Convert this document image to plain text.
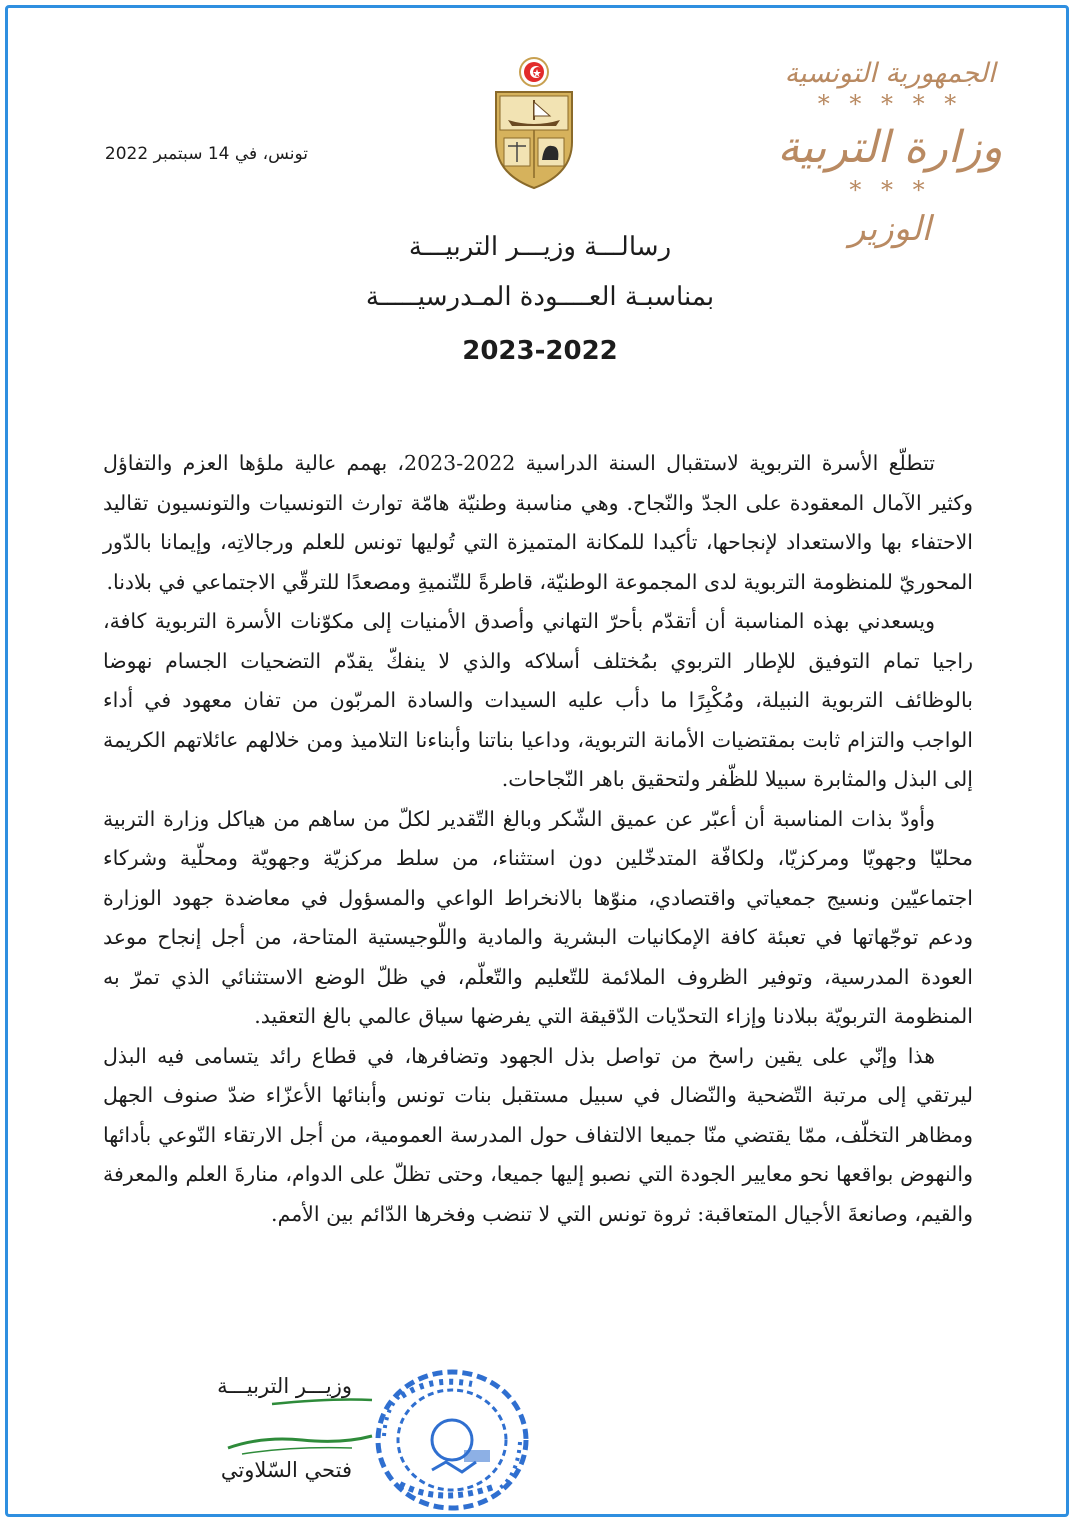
الجمهورية التونسية
* * * * *
وزارة التربية
* * *
الوزير
تونس، في 14 سبتمبر 2022
رسالـــة وزيـــر التربيـــة
بمناسبـة العــــودة المـدرسيـــــة
2023-2022

تتطلّع الأسرة التربوية لاستقبال السنة الدراسية 2022-2023، بهمم عالية ملؤها العزم والتفاؤل وكثير الآمال المعقودة على الجدّ والنّجاح. وهي مناسبة وطنيّة هامّة توارث التونسيات والتونسيون تقاليد الاحتفاء بها والاستعداد لإنجاحها، تأكيدا للمكانة المتميزة التي تُوليها تونس للعلم ورجالاتِه، وإيمانا بالدّور المحوريّ للمنظومة التربوية لدى المجموعة الوطنيّة، قاطرةً للتّنميةِ ومصعدًا للترقّي الاجتماعي في بلادنا.

ويسعدني بهذه المناسبة أن أتقدّم بأحرّ التهاني وأصدق الأمنيات إلى مكوّنات الأسرة التربوية كافة، راجيا تمام التوفيق للإطار التربوي بمُختلف أسلاكه والذي لا ينفكّ يقدّم التضحيات الجسام نهوضا بالوظائف التربوية النبيلة، ومُكْبِرًا ما دأب عليه السيدات والسادة المربّون من تفان معهود في أداء الواجب والتزام ثابت بمقتضيات الأمانة التربوية، وداعيا بناتنا وأبناءنا التلاميذ ومن خلالهم عائلاتهم الكريمة إلى البذل والمثابرة سبيلا للظّفر ولتحقيق باهر النّجاحات.

وأودّ بذات المناسبة أن أعبّر عن عميق الشّكر وبالغ التّقدير لكلّ من ساهم من هياكل وزارة التربية محليّا وجهويّا ومركزيّا، ولكافّة المتدخّلين دون استثناء، من سلط مركزيّة وجهويّة ومحلّية وشركاء اجتماعيّين ونسيج جمعياتي واقتصادي، منوّها بالانخراط الواعي والمسؤول في معاضدة جهود الوزارة ودعم توجّهاتها في تعبئة كافة الإمكانيات البشرية والمادية واللّوجيستية المتاحة، من أجل إنجاح موعد العودة المدرسية، وتوفير الظروف الملائمة للتّعليم والتّعلّم، في ظلّ الوضع الاستثنائي الذي تمرّ به المنظومة التربويّة ببلادنا وإزاء التحدّيات الدّقيقة التي يفرضها سياق عالمي بالغ التعقيد.

هذا وإنّي على يقين راسخ من تواصل بذل الجهود وتضافرها، في قطاع رائد يتسامى فيه البذل ليرتقي إلى مرتبة التّضحية والنّضال في سبيل مستقبل بنات تونس وأبنائها الأعزّاء ضدّ صنوف الجهل ومظاهر التخلّف، ممّا يقتضي منّا جميعا الالتفاف حول المدرسة العمومية، من أجل الارتقاء النّوعي بأدائها والنهوض بواقعها نحو معايير الجودة التي نصبو إليها جميعا، وحتى تظلّ على الدوام، منارةَ العلم والمعرفة والقيم، وصانعةَ الأجيال المتعاقبة: ثروة تونس التي لا تنضب وفخرها الدّائم بين الأمم.

وزيـــر التربيـــة
فتحي السّلاوتي
